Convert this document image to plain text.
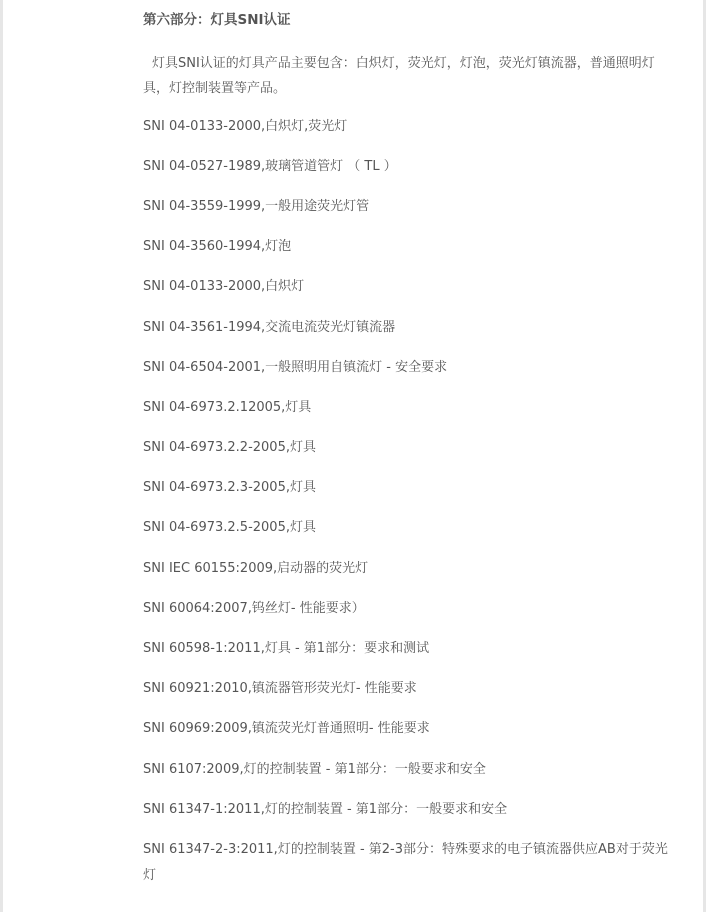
第六部分：灯具SNI认证
灯具SNI认证的灯具产品主要包含：白炽灯，荧光灯，灯泡，荧光灯镇流器，普通照明灯具，灯控制装置等产品。
SNI 04-0133-2000,白炽灯,荧光灯
SNI 04-0527-1989,玻璃管道管灯 （ TL ）
SNI 04-3559-1999,一般用途荧光灯管
SNI 04-3560-1994,灯泡
SNI 04-0133-2000,白炽灯
SNI 04-3561-1994,交流电流荧光灯镇流器
SNI 04-6504-2001,一般照明用自镇流灯 - 安全要求
SNI 04-6973.2.12005,灯具
SNI 04-6973.2.2-2005,灯具
SNI 04-6973.2.3-2005,灯具
SNI 04-6973.2.5-2005,灯具
SNI IEC 60155:2009,启动器的荧光灯
SNI 60064:2007,钨丝灯- 性能要求）
SNI 60598-1:2011,灯具 - 第1部分：要求和测试
SNI 60921:2010,镇流器管形荧光灯- 性能要求
SNI 60969:2009,镇流荧光灯普通照明- 性能要求
SNI 6107:2009,灯的控制装置 - 第1部分：一般要求和安全
SNI 61347-1:2011,灯的控制装置 - 第1部分：一般要求和安全
SNI 61347-2-3:2011,灯的控制装置 - 第2-3部分：特殊要求的电子镇流器供应AB对于荧光灯
